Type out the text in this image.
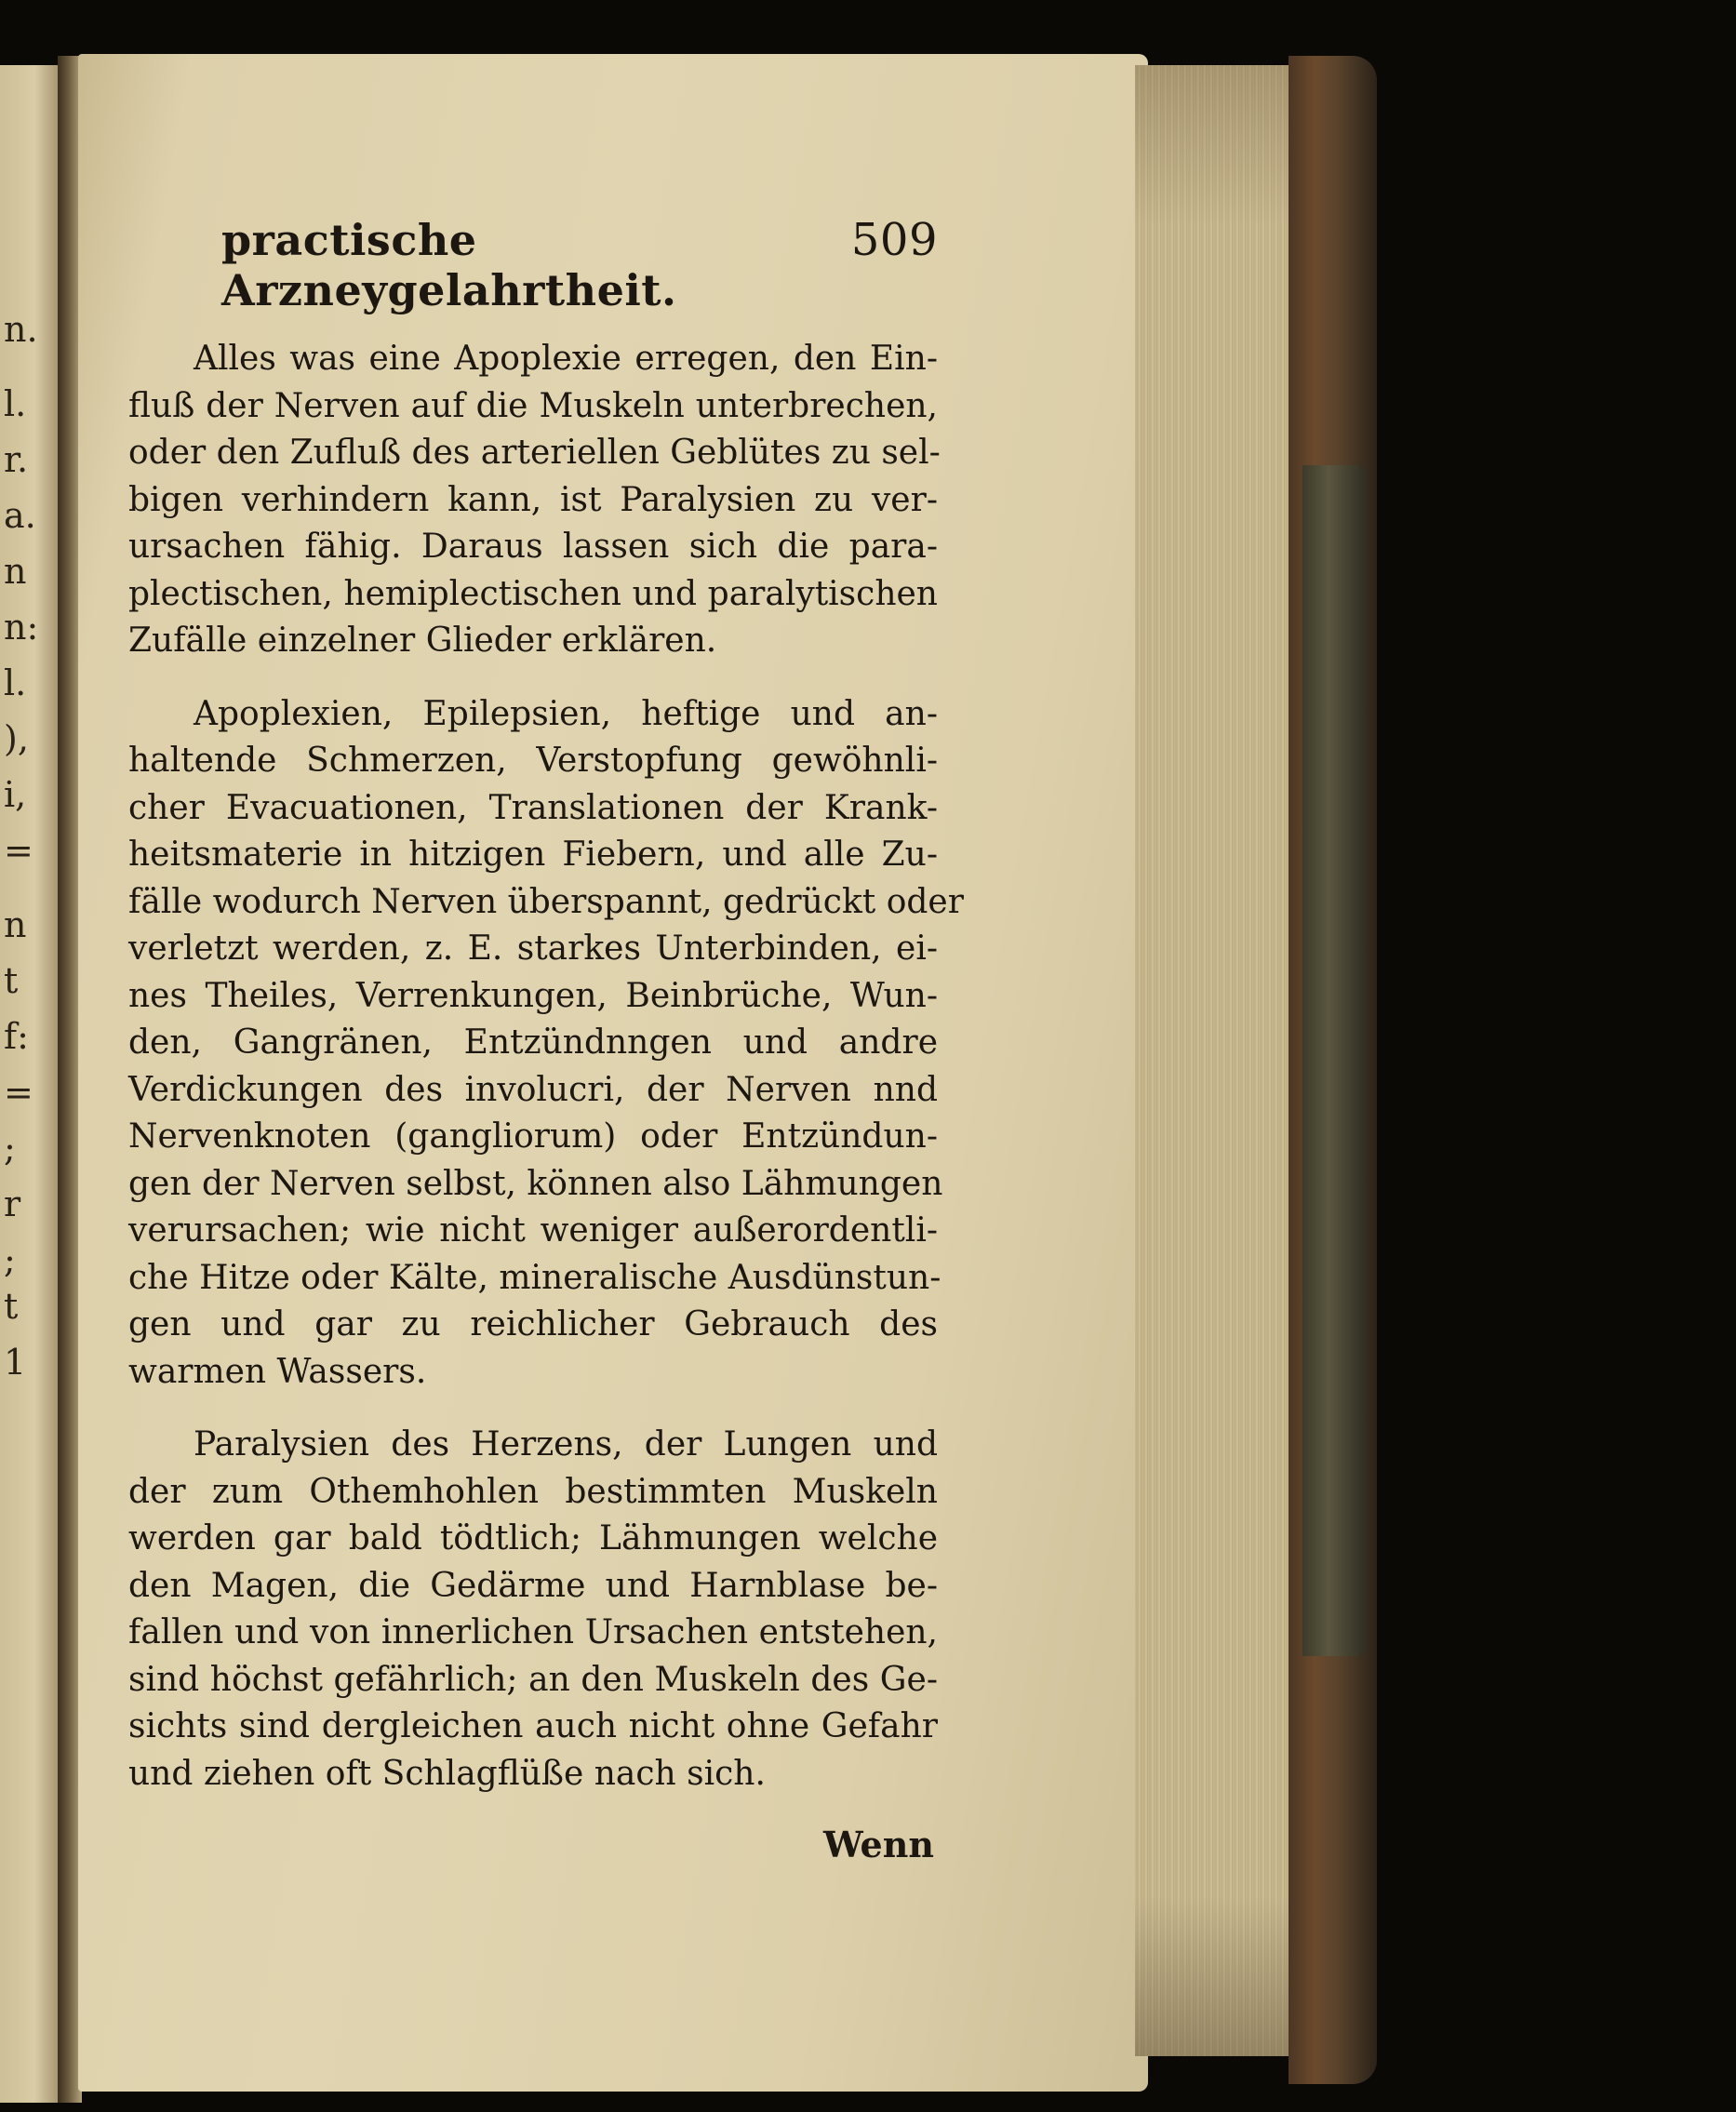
n.
l.
r.
a.
n
n:
l.
),
i,
=
n
t
f:
=
;
r
;
t
1
practische Arzneygelahrtheit.
509
Alles was eine Apoplexie erregen, den Ein-
fluß der Nerven auf die Muskeln unterbrechen,
oder den Zufluß des arteriellen Geblütes zu sel-
bigen verhindern kann, ist Paralysien zu ver-
ursachen fähig. Daraus lassen sich die para-
plectischen, hemiplectischen und paralytischen
Zufälle einzelner Glieder erklären.
Apoplexien, Epilepsien, heftige und an-
haltende Schmerzen, Verstopfung gewöhnli-
cher Evacuationen, Translationen der Krank-
heitsmaterie in hitzigen Fiebern, und alle Zu-
fälle wodurch Nerven überspannt, gedrückt oder
verletzt werden, z. E. starkes Unterbinden, ei-
nes Theiles, Verrenkungen, Beinbrüche, Wun-
den, Gangränen, Entzündnngen und andre
Verdickungen des involucri, der Nerven nnd
Nervenknoten (gangliorum) oder Entzündun-
gen der Nerven selbst, können also Lähmungen
verursachen; wie nicht weniger außerordentli-
che Hitze oder Kälte, mineralische Ausdünstun-
gen und gar zu reichlicher Gebrauch des
warmen Wassers.
Paralysien des Herzens, der Lungen und
der zum Othemhohlen bestimmten Muskeln
werden gar bald tödtlich; Lähmungen welche
den Magen, die Gedärme und Harnblase be-
fallen und von innerlichen Ursachen entstehen,
sind höchst gefährlich; an den Muskeln des Ge-
sichts sind dergleichen auch nicht ohne Gefahr
und ziehen oft Schlagflüße nach sich.
Wenn
